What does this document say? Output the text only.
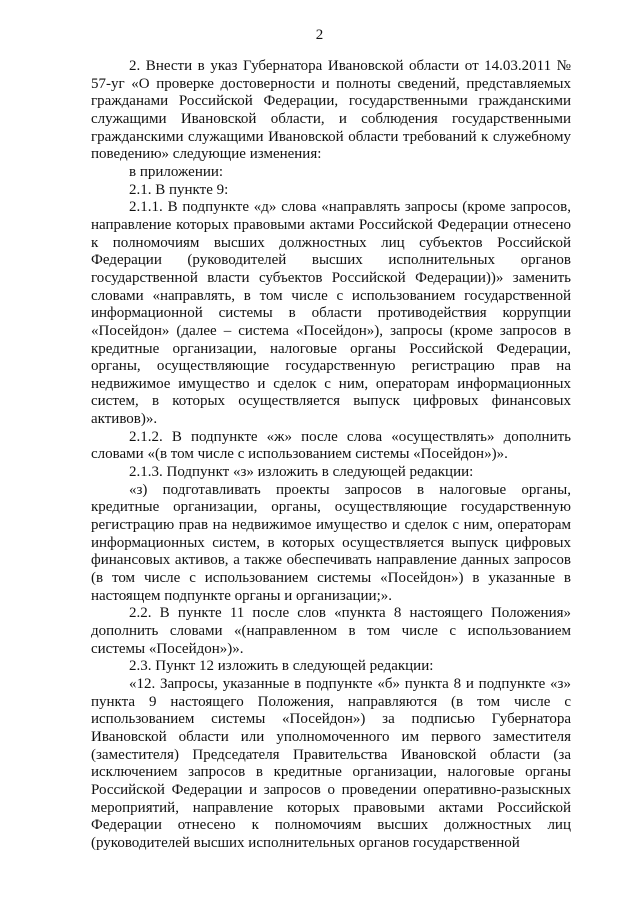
2

2. Внести в указ Губернатора Ивановской области от 14.03.2011 № 57-уг «О проверке достоверности и полноты сведений, представляемых гражданами Российской Федерации, государственными гражданскими служащими Ивановской области, и соблюдения государственными гражданскими служащими Ивановской области требований к служебному поведению» следующие изменения:

в приложении:

2.1. В пункте 9:

2.1.1. В подпункте «д» слова «направлять запросы (кроме запросов, направление которых правовыми актами Российской Федерации отнесено к полномочиям высших должностных лиц субъектов Российской Федерации (руководителей высших исполнительных органов государственной власти субъектов Российской Федерации))» заменить словами «направлять, в том числе с использованием государственной информационной системы в области противодействия коррупции «Посейдон» (далее – система «Посейдон»), запросы (кроме запросов в кредитные организации, налоговые органы Российской Федерации, органы, осуществляющие государственную регистрацию прав на недвижимое имущество и сделок с ним, операторам информационных систем, в которых осуществляется выпуск цифровых финансовых активов)».

2.1.2. В подпункте «ж» после слова «осуществлять» дополнить словами «(в том числе с использованием системы «Посейдон»)».

2.1.3. Подпункт «з» изложить в следующей редакции:

«з) подготавливать проекты запросов в налоговые органы, кредитные организации, органы, осуществляющие государственную регистрацию прав на недвижимое имущество и сделок с ним, операторам информационных систем, в которых осуществляется выпуск цифровых финансовых активов, а также обеспечивать направление данных запросов (в том числе с использованием системы «Посейдон») в указанные в настоящем подпункте органы и организации;».

2.2. В пункте 11 после слов «пункта 8 настоящего Положения» дополнить словами «(направленном в том числе с использованием системы «Посейдон»)».

2.3. Пункт 12 изложить в следующей редакции:

«12. Запросы, указанные в подпункте «б» пункта 8 и подпункте «з» пункта 9 настоящего Положения, направляются (в том числе с использованием системы «Посейдон») за подписью Губернатора Ивановской области или уполномоченного им первого заместителя (заместителя) Председателя Правительства Ивановской области (за исключением запросов в кредитные организации, налоговые органы Российской Федерации и запросов о проведении оперативно-разыскных мероприятий, направление которых правовыми актами Российской Федерации отнесено к полномочиям высших должностных лиц (руководителей высших исполнительных органов государственной
